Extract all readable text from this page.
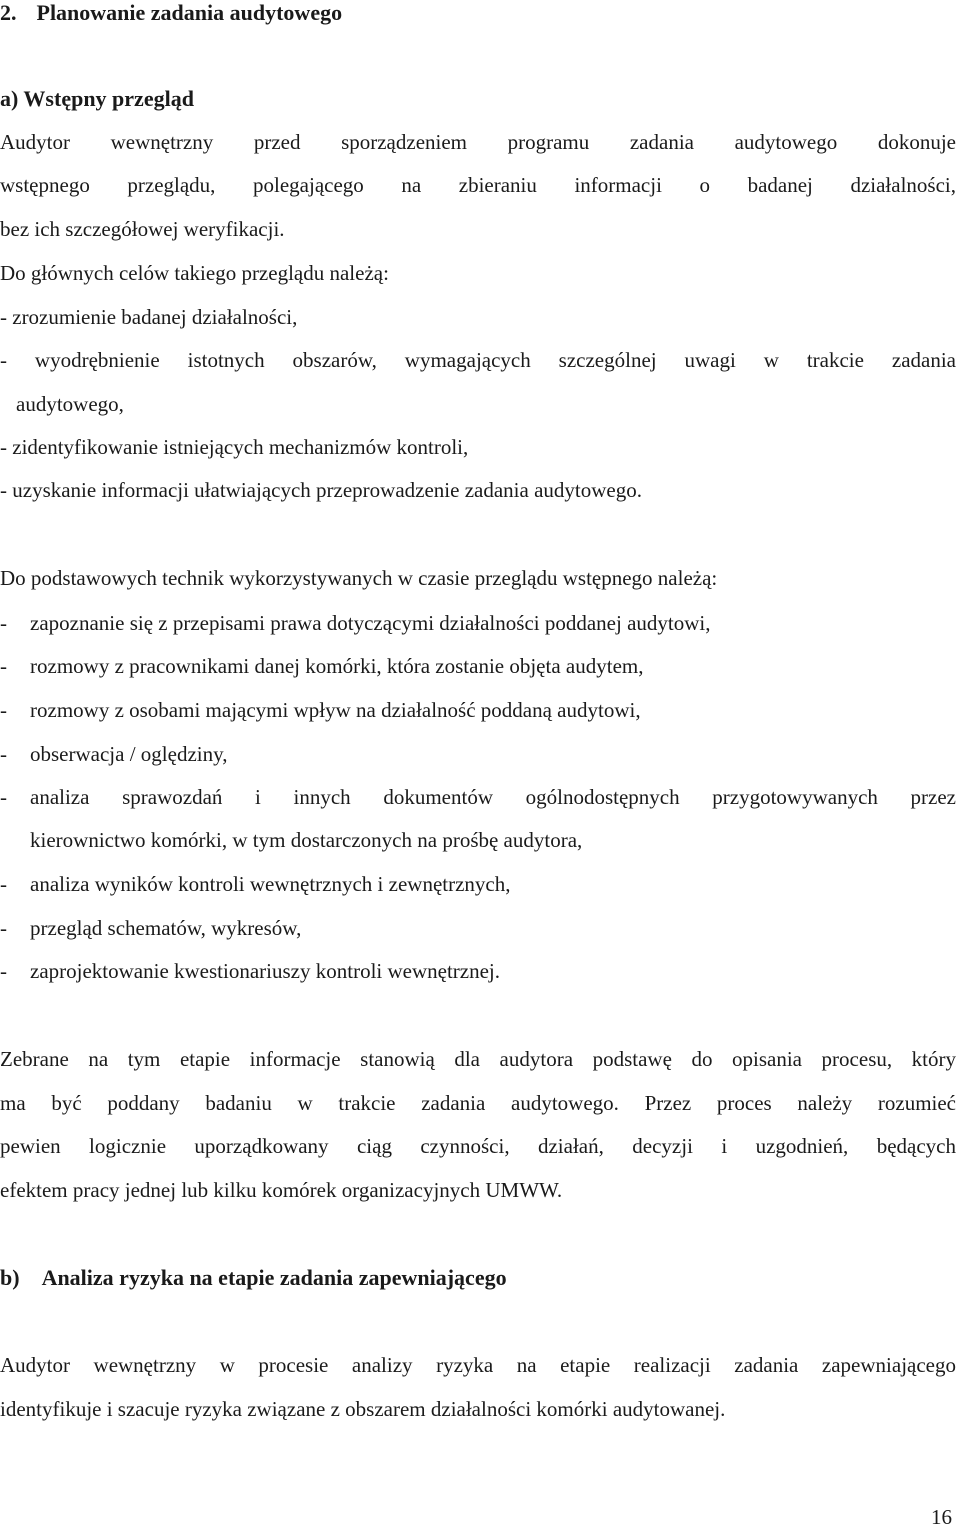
2. Planowanie zadania audytowego
a) Wstępny przegląd
Audytor wewnętrzny przed sporządzeniem programu zadania audytowego dokonuje
wstępnego przeglądu, polegającego na zbieraniu informacji o badanej działalności,
bez ich szczegółowej weryfikacji.
Do głównych celów takiego przeglądu należą:
- zrozumienie badanej działalności,
- wyodrębnienie istotnych obszarów, wymagających szczególnej uwagi w trakcie zadania
audytowego,
- zidentyfikowanie istniejących mechanizmów kontroli,
- uzyskanie informacji ułatwiających przeprowadzenie zadania audytowego.
Do podstawowych technik wykorzystywanych w czasie przeglądu wstępnego należą:
- zapoznanie się z przepisami prawa dotyczącymi działalności poddanej audytowi,
- rozmowy z pracownikami danej komórki, która zostanie objęta audytem,
- rozmowy z osobami mającymi wpływ na działalność poddaną audytowi,
- obserwacja / oględziny,
- analiza sprawozdań i innych dokumentów ogólnodostępnych przygotowywanych przez
kierownictwo komórki, w tym dostarczonych na prośbę audytora,
- analiza wyników kontroli wewnętrznych i zewnętrznych,
- przegląd schematów, wykresów,
- zaprojektowanie kwestionariuszy kontroli wewnętrznej.
Zebrane na tym etapie informacje stanowią dla audytora podstawę do opisania procesu, który
ma być poddany badaniu w trakcie zadania audytowego. Przez proces należy rozumieć
pewien logicznie uporządkowany ciąg czynności, działań, decyzji i uzgodnień, będących
efektem pracy jednej lub kilku komórek organizacyjnych UMWW.
b) Analiza ryzyka na etapie zadania zapewniającego
Audytor wewnętrzny w procesie analizy ryzyka na etapie realizacji zadania zapewniającego
identyfikuje i szacuje ryzyka związane z obszarem działalności komórki audytowanej.
16
